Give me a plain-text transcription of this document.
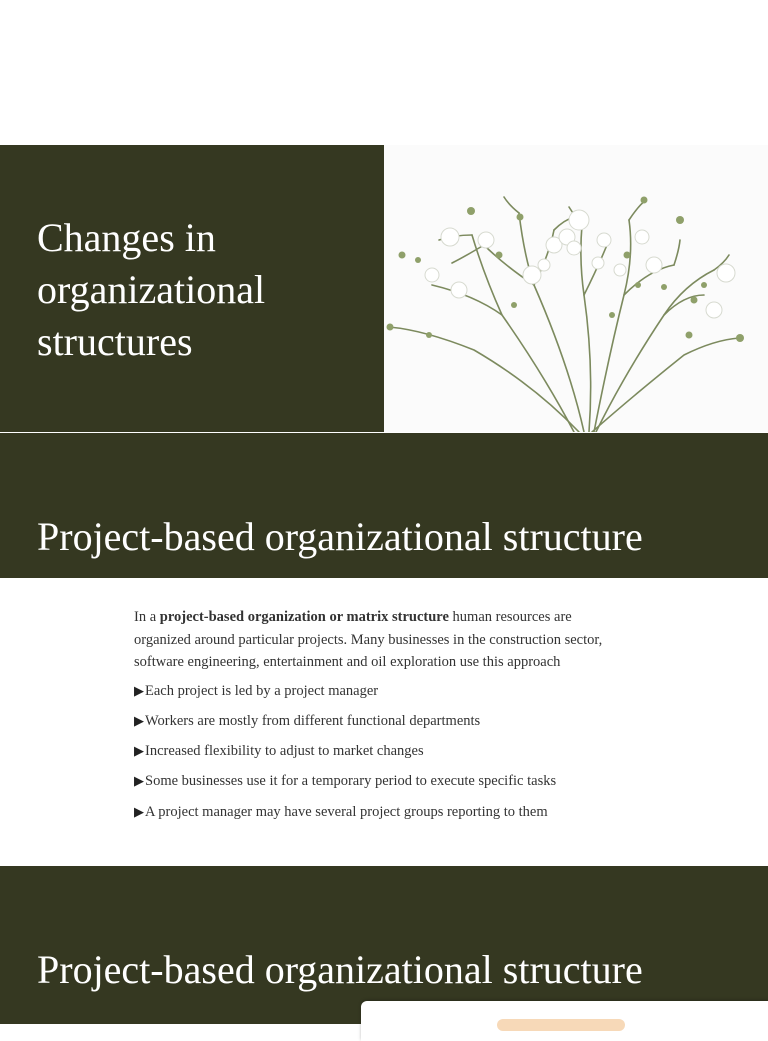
Changes in organizational structures
Project-based organizational structure

In a project-based organization or matrix structure human resources are organized around particular projects. Many businesses in the construction sector, software engineering, entertainment and oil exploration use this approach

▶Each project is led by a project manager
▶Workers are mostly from different functional departments
▶Increased flexibility to adjust to market changes
▶Some businesses use it for a temporary period to execute specific tasks
▶A project manager may have several project groups reporting to them
Project-based organizational structure
